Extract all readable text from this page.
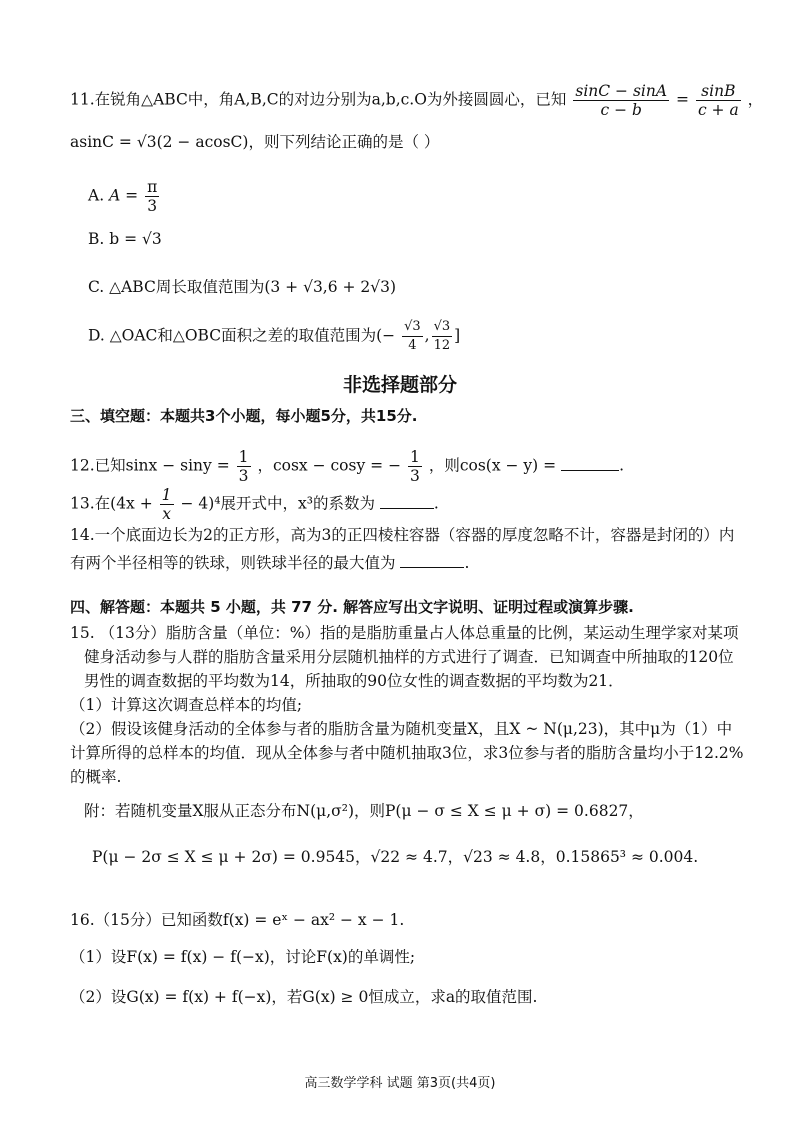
11.在锐角△ABC中，角A,B,C的对边分别为a,b,c.O为外接圆圆心，已知 $\frac{\sin C - \sin A}{c - b} = \frac{\sin B}{c + a}$ ，
asinC = √3(2 − acosC)，则下列结论正确的是（ ）
A. $A = \frac{\pi}{3}$
B. b = √3
C. △ABC周长取值范围为(3 + √3,6 + 2√3)
D. △OAC和△OBC面积之差的取值范围为(− $\frac{√3}{4}$ , $\frac{√3}{12}$ ]
非选择题部分
三、填空题：本题共3个小题，每小题5分，共15分.
12.已知$\sin x - \sin y = \frac{1}{3}$ ，cosx − cosy = − $\frac{1}{3}$ ，则cos(x − y) =	.
13.在$(4x + \frac{1}{x} - 4)^4$展开式中，x³的系数为	.
14.一个底面边长为2的正方形，高为3的正四棱柱容器（容器的厚度忽略不计，容器是封闭的）内
有两个半径相等的铁球，则铁球半径的最大值为	.
四、解答题：本题共 5 小题，共 77 分. 解答应写出文字说明、证明过程或演算步骤.
15. （13分）脂肪含量（单位：%）指的是脂肪重量占人体总重量的比例，某运动生理学家对某项
健身活动参与人群的脂肪含量采用分层随机抽样的方式进行了调查．已知调查中所抽取的120位
男性的调查数据的平均数为14，所抽取的90位女性的调查数据的平均数为21．
（1）计算这次调查总样本的均值;
（2）假设该健身活动的全体参与者的脂肪含量为随机变量X，且X ~ N(μ,23)，其中μ为（1）中
计算所得的总样本的均值．现从全体参与者中随机抽取3位，求3位参与者的脂肪含量均小于12.2%
的概率.
附：若随机变量X服从正态分布N(μ,σ²)，则P(μ − σ ≤ X ≤ μ + σ) = 0.6827，
P(μ − 2σ ≤ X ≤ μ + 2σ) = 0.9545，√22 ≈ 4.7，√23 ≈ 4.8，0.15865³ ≈ 0.004.
16.（15分）已知函数f(x) = eˣ − ax² − x − 1.
（1）设F(x) = f(x) − f(−x)，讨论F(x)的单调性;
（2）设G(x) = f(x) + f(−x)，若G(x) ≥ 0恒成立，求a的取值范围.
高三数学学科 试题 第3页(共4页)
